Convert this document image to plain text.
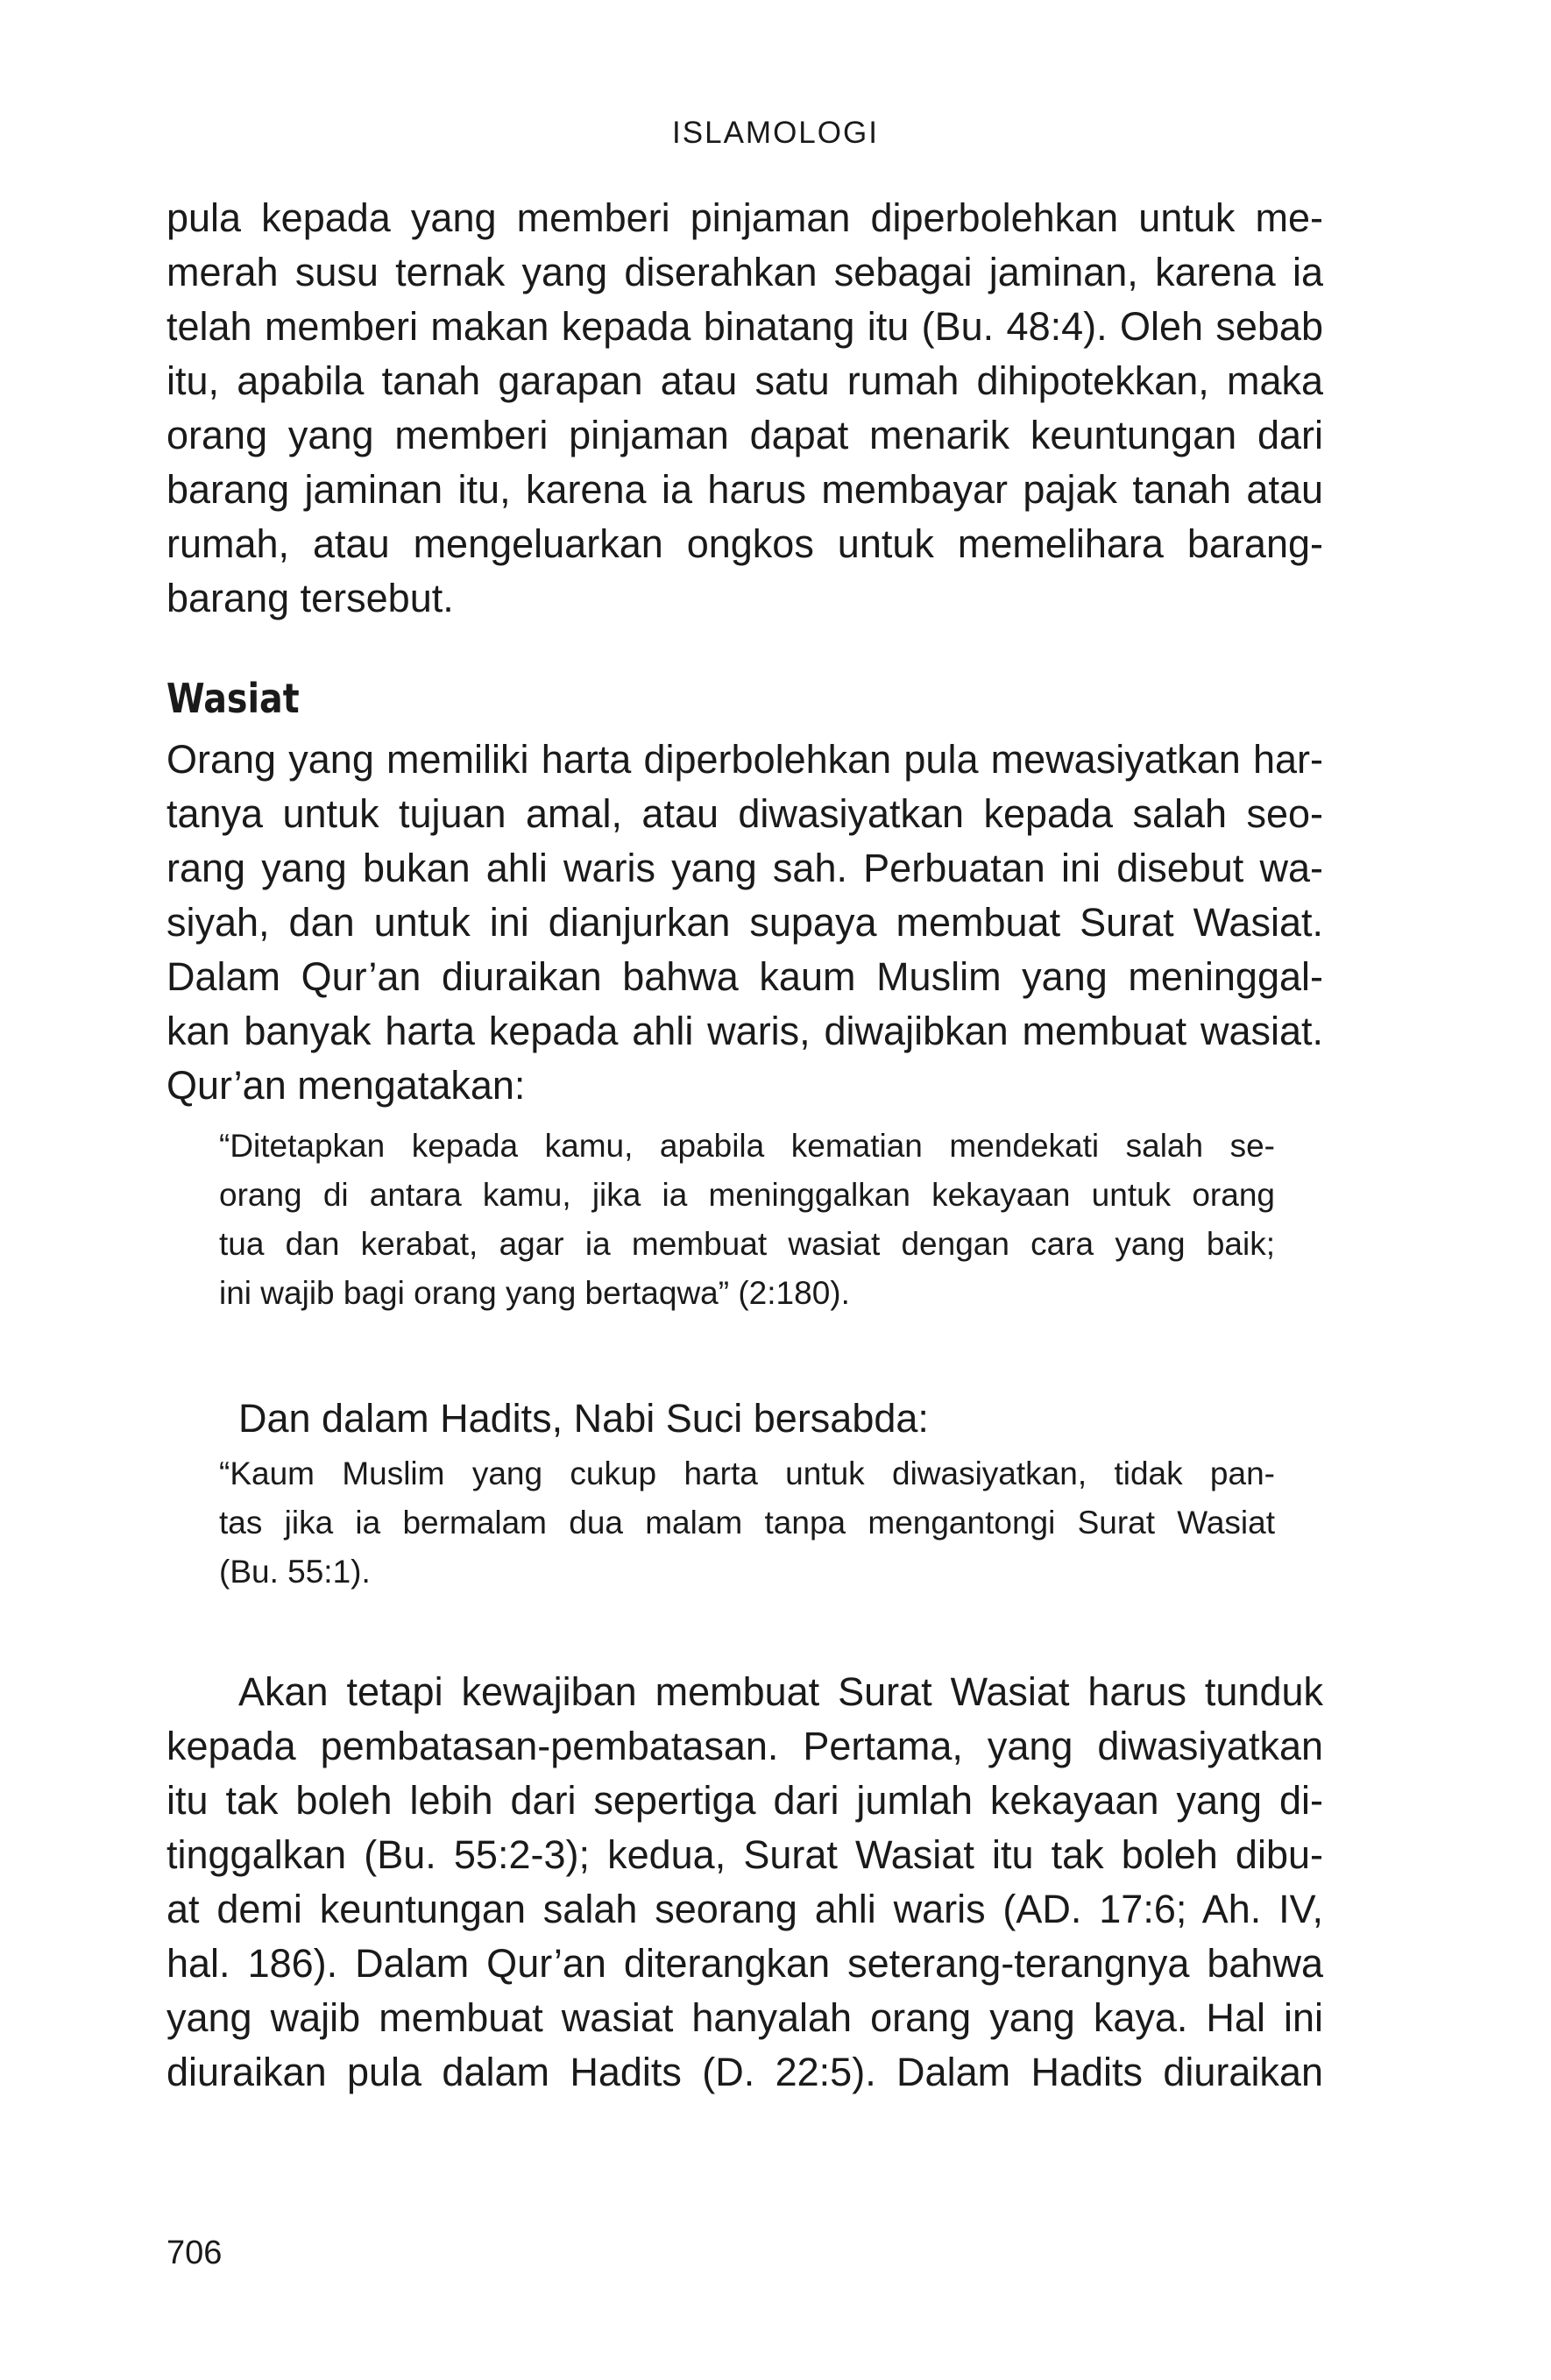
ISLAMOLOGI
pula kepada yang memberi pinjaman diperbolehkan untuk me-
merah susu ternak yang diserahkan sebagai jaminan, karena ia
telah memberi makan kepada binatang itu (Bu. 48:4). Oleh sebab
itu, apabila tanah garapan atau satu rumah dihipotekkan, maka
orang yang memberi pinjaman dapat menarik keuntungan dari
barang jaminan itu, karena ia harus membayar pajak tanah atau
rumah, atau mengeluarkan ongkos untuk memelihara barang-
barang tersebut.
Wasiat
Orang yang memiliki harta diperbolehkan pula mewasiyatkan har-
tanya untuk tujuan amal, atau diwasiyatkan kepada salah seo-
rang yang bukan ahli waris yang sah. Perbuatan ini disebut wa-
siyah, dan untuk ini dianjurkan supaya membuat Surat Wasiat.
Dalam Qur’an diuraikan bahwa kaum Muslim yang meninggal-
kan banyak harta kepada ahli waris, diwajibkan membuat wasiat.
Qur’an mengatakan:
“Ditetapkan kepada kamu, apabila kematian mendekati salah se-
orang di antara kamu, jika ia meninggalkan kekayaan untuk orang
tua dan kerabat, agar ia membuat wasiat dengan cara yang baik;
ini wajib bagi orang yang bertaqwa” (2:180).

Dan dalam Hadits, Nabi Suci bersabda:

“Kaum Muslim yang cukup harta untuk diwasiyatkan, tidak pan-
tas jika ia bermalam dua malam tanpa mengantongi Surat Wasiat
(Bu. 55:1).
Akan tetapi kewajiban membuat Surat Wasiat harus tunduk
kepada pembatasan-pembatasan. Pertama, yang diwasiyatkan
itu tak boleh lebih dari sepertiga dari jumlah kekayaan yang di-
tinggalkan (Bu. 55:2-3); kedua, Surat Wasiat itu tak boleh dibu-
at demi keuntungan salah seorang ahli waris (AD. 17:6; Ah. IV,
hal. 186). Dalam Qur’an diterangkan seterang-terangnya bahwa
yang wajib membuat wasiat hanyalah orang yang kaya. Hal ini
diuraikan pula dalam Hadits (D. 22:5). Dalam Hadits diuraikan

706
